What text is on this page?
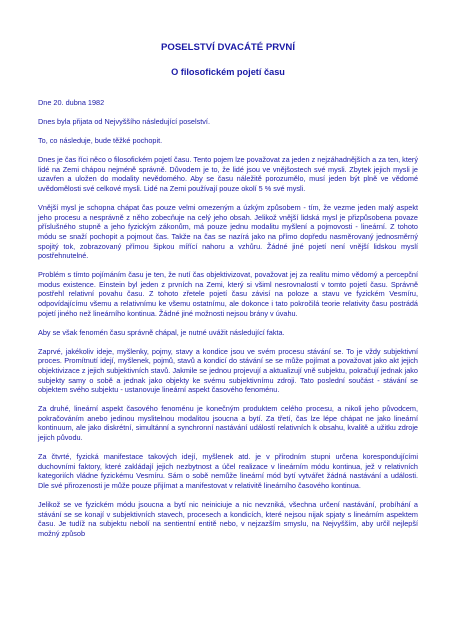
POSELSTVÍ DVACÁTÉ PRVNÍ
O filosofickém pojetí času

Dne 20. dubna 1982

Dnes byla přijata od Nejvyššího následující poselství.

To, co následuje, bude těžké pochopit.

Dnes je čas říci něco o filosofickém pojetí času. Tento pojem lze považovat za jeden z nejzáhadnějších a za ten, který lidé na Zemi chápou nejméně správně. Důvodem je to, že lidé jsou ve vnějšostech své mysli. Zbytek jejich mysli je uzavřen a uložen do modality nevědomého. Aby se času náležitě porozumělo, musí jeden být plně ve vědomé uvědomělosti své celkové mysli. Lidé na Zemi používají pouze okolí 5 % své mysli.

Vnější mysl je schopna chápat čas pouze velmi omezeným a úzkým způsobem - tím, že vezme jeden malý aspekt jeho procesu a nesprávně z něho zobecňuje na celý jeho obsah. Jelikož vnější lidská mysl je přizpůsobena povaze příslušného stupně a jeho fyzickým zákonům, má pouze jednu modalitu myšlení a pojmovosti - lineární. Z tohoto módu se snaží pochopit a pojmout čas. Takže na čas se nazírá jako na přímo dopředu nasměrovaný jednosměrný spojitý tok, zobrazovaný přímou šipkou mířící nahoru a vzhůru. Žádné jiné pojetí není vnější lidskou myslí postřehnutelné.

Problém s tímto pojímáním času je ten, že nutí čas objektivizovat, považovat jej za realitu mimo vědomý a percepční modus existence. Einstein byl jeden z prvních na Zemi, který si všiml nesrovnalostí v tomto pojetí času. Správně postřehl relativní povahu času. Z tohoto zřetele pojetí času závisí na poloze a stavu ve fyzickém Vesmíru, odpovídajícímu všemu a relativnímu ke všemu ostatnímu, ale dokonce i tato pokročilá teorie relativity času postrádá pojetí jiného než lineárního kontinua. Žádné jiné možnosti nejsou brány v úvahu.

Aby se však fenomén času správně chápal, je nutné uvážit následující fakta.

Zaprvé, jakékoliv ideje, myšlenky, pojmy, stavy a kondice jsou ve svém procesu stávání se. To je vždy subjektivní proces. Promítnutí idejí, myšlenek, pojmů, stavů a kondicí do stávání se se může pojímat a považovat jako akt jejich objektivizace z jejich subjektivních stavů. Jakmile se jednou projevují a aktualizují vně subjektu, pokračují jednak jako subjekty samy o sobě a jednak jako objekty ke svému subjektivnímu zdroji. Tato poslední součást - stávání se objektem svého subjektu - ustanovuje lineární aspekt časového fenoménu.

Za druhé, lineární aspekt časového fenoménu je konečným produktem celého procesu, a nikoli jeho původcem, pokračováním anebo jedinou myslitelnou modalitou jsoucna a bytí. Za třetí, čas lze lépe chápat ne jako lineární kontinuum, ale jako diskrétní, simultánní a synchronní nastávání událostí relativních k obsahu, kvalitě a užitku zdroje jejich původu.

Za čtvrté, fyzická manifestace takových idejí, myšlenek atd. je v přírodním stupni určena korespondujícími duchovními faktory, které zakládají jejich nezbytnost a účel realizace v lineárním módu kontinua, jež v relativních kategoriích vládne fyzickému Vesmíru. Sám o sobě nemůže lineární mód bytí vytvářet žádná nastávání a události. Dle své přirozenosti je může pouze přijímat a manifestovat v relativitě lineárního časového kontinua.

Jelikož se ve fyzickém módu jsoucna a bytí nic neiniciuje a nic nevzniká, všechna určení nastávání, probíhání a stávání se se konají v subjektivních stavech, procesech a kondicích, které nejsou nijak spjaty s lineárním aspektem času. Je tudíž na subjektu nebolí na sentientní entitě nebo, v nejzazším smyslu, na Nejvyšším, aby určil nejlepší možný způsob
